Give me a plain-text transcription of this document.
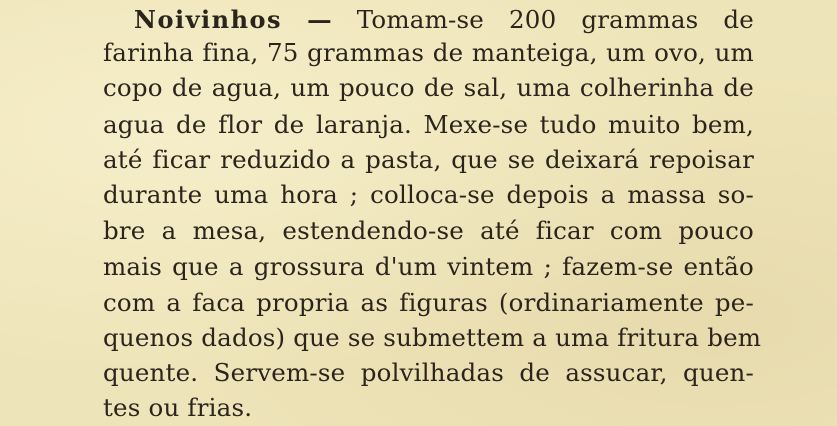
Noivinhos — Tomam-se 200 grammas de
farinha fina, 75 grammas de manteiga, um ovo, um
copo de agua, um pouco de sal, uma colherinha de
agua de flor de laranja. Mexe-se tudo muito bem,
até ficar reduzido a pasta, que se deixará repoisar
durante uma hora ; colloca-se depois a massa so-
bre a mesa, estendendo-se até ficar com pouco
mais que a grossura d'um vintem ; fazem-se então
com a faca propria as figuras (ordinariamente pe-
quenos dados) que se submettem a uma fritura bem
quente. Servem-se polvilhadas de assucar, quen-
tes ou frias.
